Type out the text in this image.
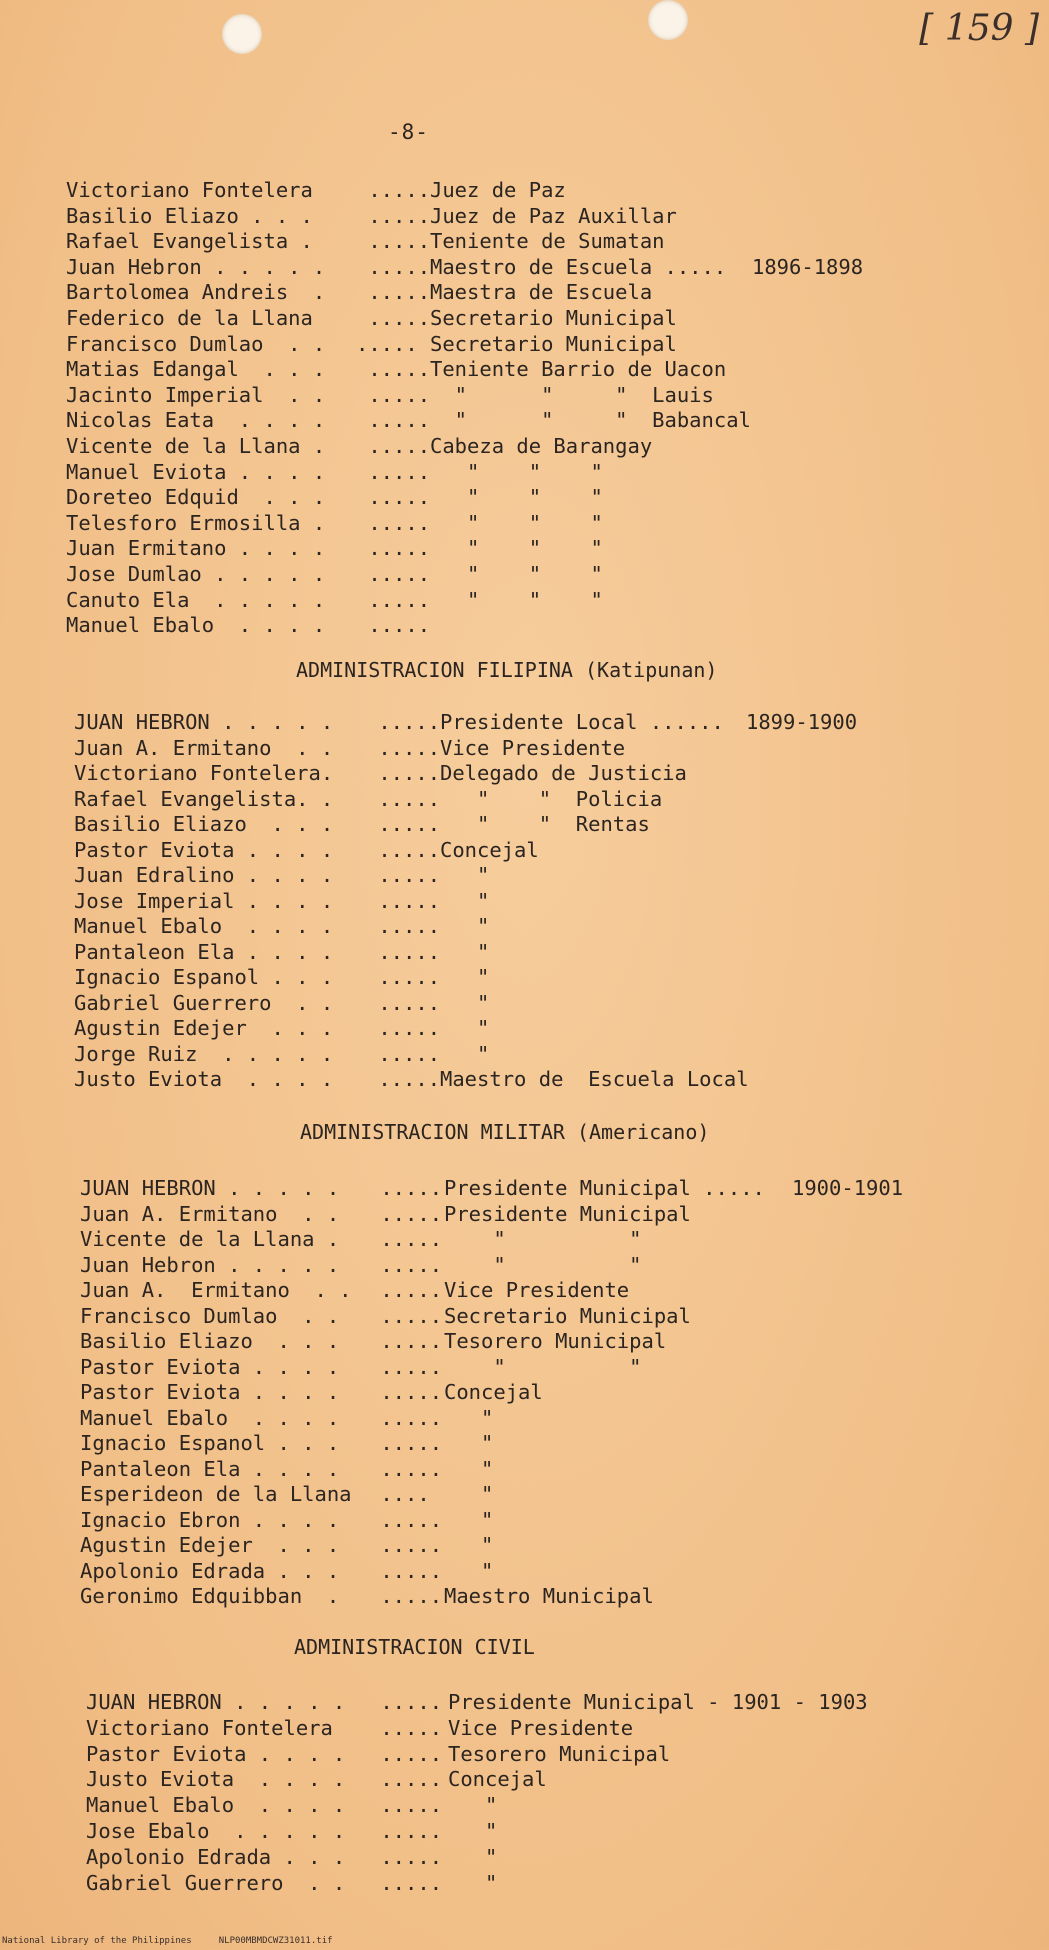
[ 159 ]
-8-
Victoriano Fontelera ..... Juez de Paz
Basilio Eliazo . . . ..... Juez de Paz Auxillar
Rafael Evangelista . ..... Teniente de Sumatan
Juan Hebron . . . . . ..... Maestro de Escuela ..... 1896-1898
Bartolomea Andreis  . ..... Maestra de Escuela
Federico de la Llana ..... Secretario Municipal
Francisco Dumlao  . . ..... Secretario Municipal
Matias Edangal  . . . ..... Teniente Barrio de Uacon
Jacinto Imperial  . . ..... "      "     "  Lauis
Nicolas Eata  . . . . ..... "      "     "  Babancal
Vicente de la Llana . ..... Cabeza de Barangay
Manuel Eviota . . . . ..... "    "    "
Doreteo Edquid  . . . ..... "    "    "
Telesforo Ermosilla . ..... "    "    "
Juan Ermitano . . . . ..... "    "    "
Jose Dumlao . . . . . ..... "    "    "
Canuto Ela  . . . . . ..... "    "    "
Manuel Ebalo  . . . . .....
ADMINISTRACION FILIPINA (Katipunan)
JUAN HEBRON . . . . . ..... Presidente Local ...... 1899-1900
Juan A. Ermitano  . . ..... Vice Presidente
Victoriano Fontelera. ..... Delegado de Justicia
Rafael Evangelista. . ..... "    "  Policia
Basilio Eliazo  . . . ..... "    "  Rentas
Pastor Eviota . . . . ..... Concejal
Juan Edralino . . . . ..... "
Jose Imperial . . . . ..... "
Manuel Ebalo  . . . . ..... "
Pantaleon Ela . . . . ..... "
Ignacio Espanol . . . ..... "
Gabriel Guerrero  . . ..... "
Agustin Edejer  . . . ..... "
Jorge Ruiz  . . . . . ..... "
Justo Eviota  . . . . ..... Maestro de  Escuela Local
ADMINISTRACION MILITAR (Americano)
JUAN HEBRON . . . . . ..... Presidente Municipal ..... 1900-1901
Juan A. Ermitano  . . ..... Presidente Municipal
Vicente de la Llana . ..... "          "
Juan Hebron . . . . . ..... "          "
Juan A.  Ermitano  . . ..... Vice Presidente
Francisco Dumlao  . . ..... Secretario Municipal
Basilio Eliazo  . . . ..... Tesorero Municipal
Pastor Eviota . . . . ..... "          "
Pastor Eviota . . . . ..... Concejal
Manuel Ebalo  . . . . ..... "
Ignacio Espanol . . . ..... "
Pantaleon Ela . . . . ..... "
Esperideon de la Llana .... "
Ignacio Ebron . . . . ..... "
Agustin Edejer  . . . ..... "
Apolonio Edrada . . . ..... "
Geronimo Edquibban  . ..... Maestro Municipal
ADMINISTRACION CIVIL
JUAN HEBRON . . . . . ..... Presidente Municipal - 1901 - 1903
Victoriano Fontelera ..... Vice Presidente
Pastor Eviota . . . . ..... Tesorero Municipal
Justo Eviota  . . . . ..... Concejal
Manuel Ebalo  . . . . ..... "
Jose Ebalo  . . . . . ..... "
Apolonio Edrada . . . ..... "
Gabriel Guerrero  . . ..... "
National Library of the Philippines     NLP00MBMDCWZ31011.tif
